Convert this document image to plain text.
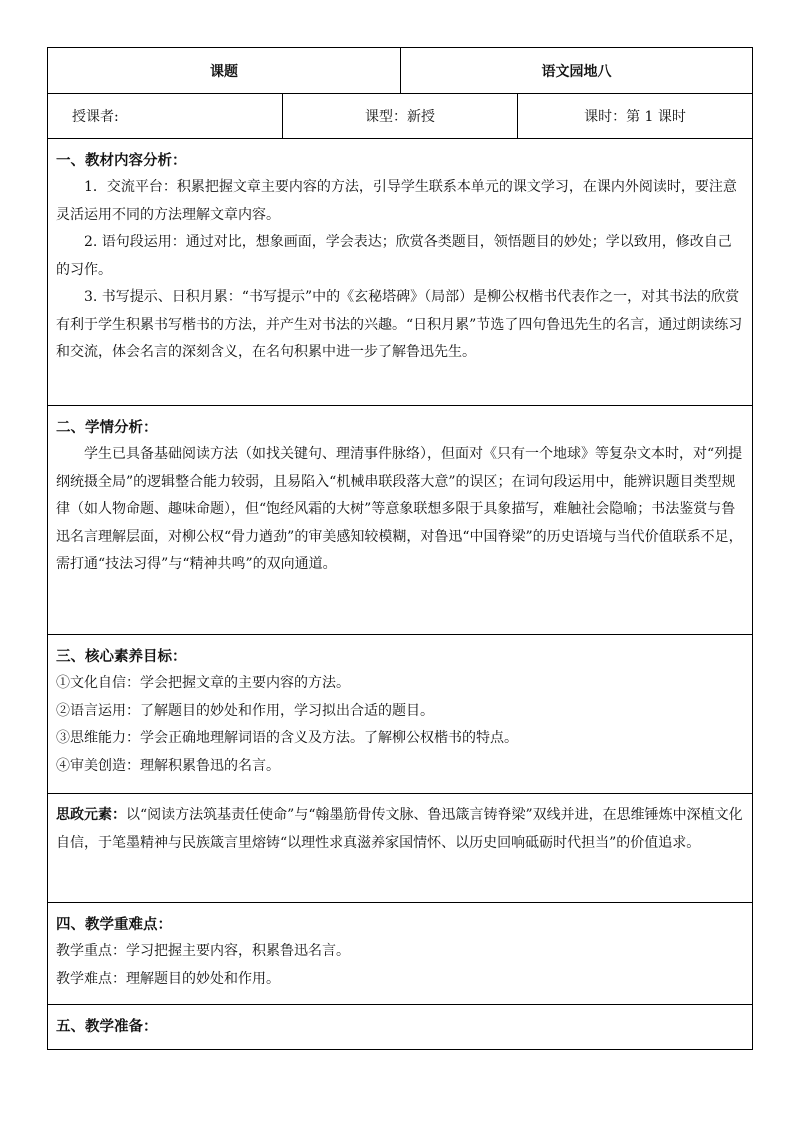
课题		语文园地八	
授课者:	课型：新授		课时：第 1 课时

一、教材内容分析：

1．交流平台：积累把握文章主要内容的方法，引导学生联系本单元的课文学习，在课内外阅读时，要注意灵活运用不同的方法理解文章内容。

2. 语句段运用：通过对比，想象画面，学会表达；欣赏各类题目，领悟题目的妙处；学以致用，修改自己的习作。

3. 书写提示、日积月累：“书写提示”中的《玄秘塔碑》（局部）是柳公权楷书代表作之一，对其书法的欣赏有利于学生积累书写楷书的方法，并产生对书法的兴趣。“日积月累”节选了四句鲁迅先生的名言，通过朗读练习和交流，体会名言的深刻含义，在名句积累中进一步了解鲁迅先生。			

二、学情分析：

学生已具备基础阅读方法（如找关键句、理清事件脉络），但面对《只有一个地球》等复杂文本时，对“列提纲统摄全局”的逻辑整合能力较弱，且易陷入“机械串联段落大意”的误区；在词句段运用中，能辨识题目类型规律（如人物命题、趣味命题），但“饱经风霜的大树”等意象联想多限于具象描写，难触社会隐喻；书法鉴赏与鲁迅名言理解层面，对柳公权“骨力遒劲”的审美感知较模糊，对鲁迅“中国脊梁”的历史语境与当代价值联系不足，需打通“技法习得”与“精神共鸣”的双向通道。			

三、核心素养目标：

①文化自信：学会把握文章的主要内容的方法。

②语言运用：了解题目的妙处和作用，学习拟出合适的题目。

③思维能力：学会正确地理解词语的含义及方法。了解柳公权楷书的特点。

④审美创造：理解积累鲁迅的名言。			

思政元素：以“阅读方法筑基责任使命”与“翰墨筋骨传文脉、鲁迅箴言铸脊梁”双线并进，在思维锤炼中深植文化自信，于笔墨精神与民族箴言里熔铸“以理性求真滋养家国情怀、以历史回响砥砺时代担当”的价值追求。			

四、教学重难点：

教学重点：学习把握主要内容，积累鲁迅名言。

教学难点：理解题目的妙处和作用。			

五、教学准备：			
